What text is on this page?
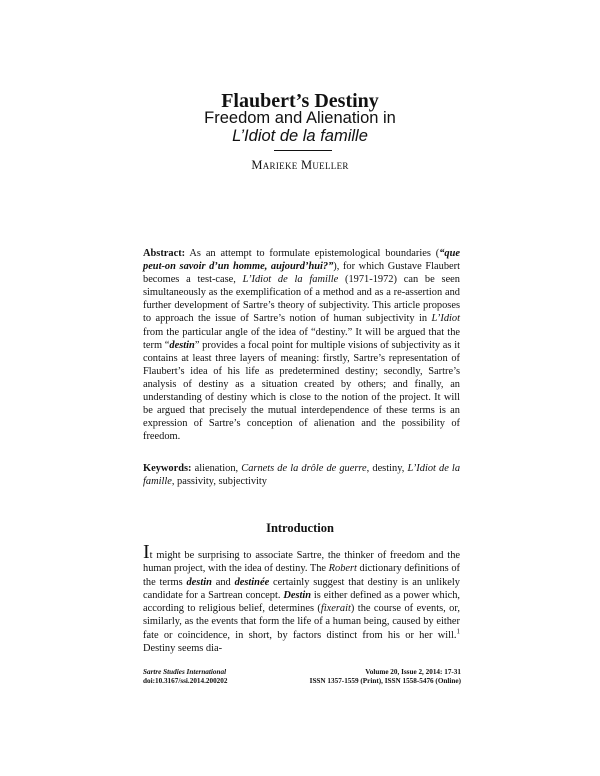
Flaubert’s Destiny
Freedom and Alienation in
L’Idiot de la famille
Marieke Mueller
Abstract: As an attempt to formulate epistemological boundaries (“que peut-on savoir d’un homme, aujourd’hui?”), for which Gustave Flaubert becomes a test-case, L’Idiot de la famille (1971-1972) can be seen simultaneously as the exemplification of a method and as a re-assertion and further development of Sartre’s theory of subjectivity. This article proposes to approach the issue of Sartre’s notion of human subjectivity in L’Idiot from the particular angle of the idea of “destiny.” It will be argued that the term “destin” provides a focal point for multiple visions of subjectivity as it contains at least three layers of meaning: firstly, Sartre’s representation of Flaubert’s idea of his life as predetermined destiny; secondly, Sartre’s analysis of destiny as a situation created by others; and finally, an understanding of destiny which is close to the notion of the project. It will be argued that precisely the mutual interdependence of these terms is an expression of Sartre’s conception of alienation and the possibility of freedom.
Keywords: alienation, Carnets de la drôle de guerre, destiny, L’Idiot de la famille, passivity, subjectivity
Introduction
It might be surprising to associate Sartre, the thinker of freedom and the human project, with the idea of destiny. The Robert dictionary definitions of the terms destin and destinée certainly suggest that destiny is an unlikely candidate for a Sartrean concept. Destin is either defined as a power which, according to religious belief, determines (fixerait) the course of events, or, similarly, as the events that form the life of a human being, caused by either fate or coincidence, in short, by factors distinct from his or her will.$^1$ Destiny seems dia-
Sartre Studies International
doi:10.3167/ssi.2014.200202
Volume 20, Issue 2, 2014: 17-31
ISSN 1357-1559 (Print), ISSN 1558-5476 (Online)
